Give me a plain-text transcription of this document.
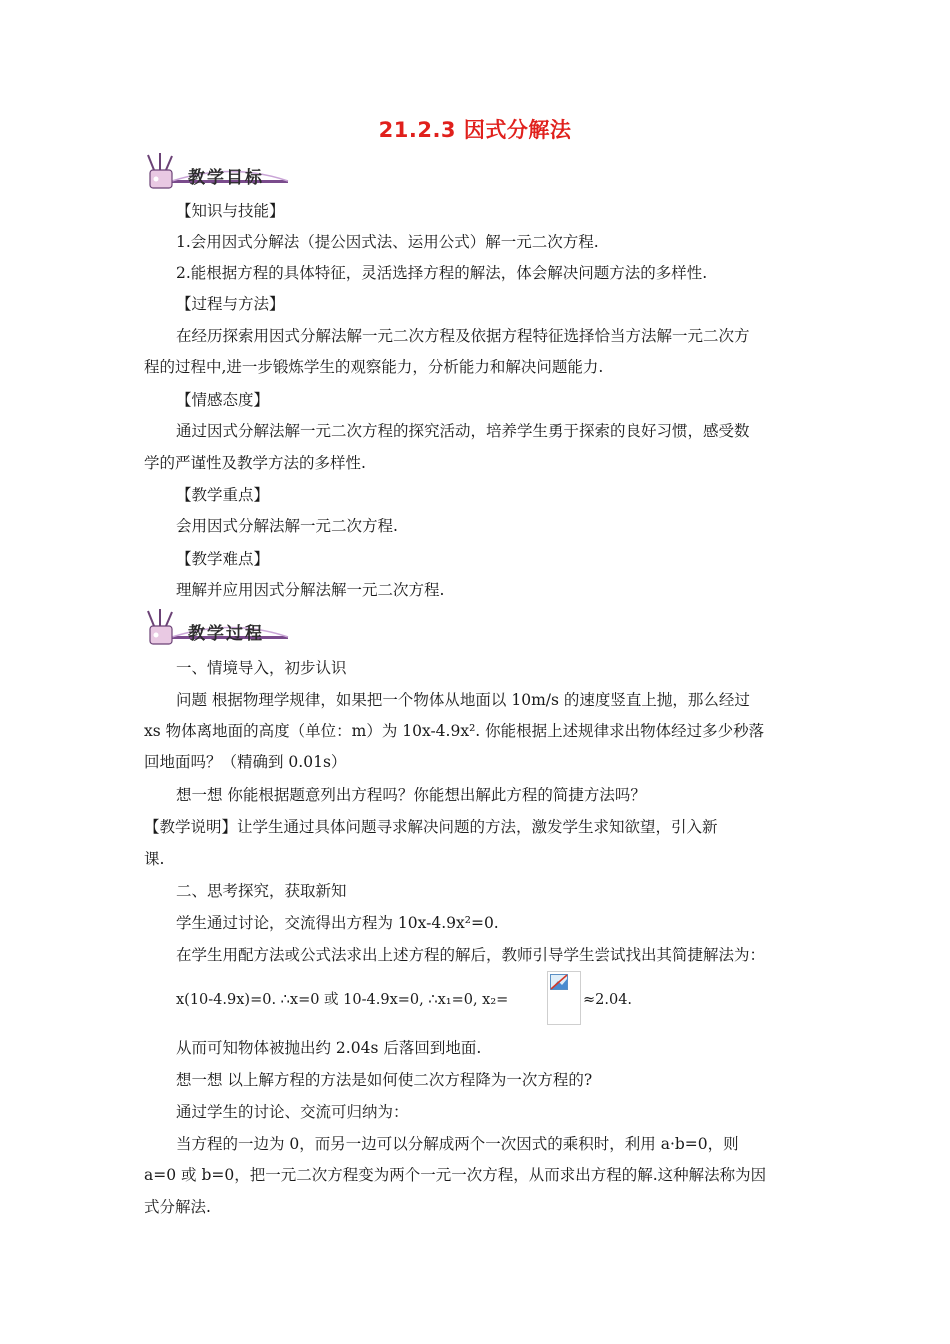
21.2.3 因式分解法
教学目标
【知识与技能】
1.会用因式分解法（提公因式法、运用公式）解一元二次方程.
2.能根据方程的具体特征，灵活选择方程的解法，体会解决问题方法的多样性.
【过程与方法】
在经历探索用因式分解法解一元二次方程及依据方程特征选择恰当方法解一元二次方
程的过程中,进一步锻炼学生的观察能力，分析能力和解决问题能力.
【情感态度】
通过因式分解法解一元二次方程的探究活动，培养学生勇于探索的良好习惯，感受数
学的严谨性及教学方法的多样性.
【教学重点】
会用因式分解法解一元二次方程.
【教学难点】
理解并应用因式分解法解一元二次方程.
教学过程
一、情境导入，初步认识
问题 根据物理学规律，如果把一个物体从地面以 10m/s 的速度竖直上抛，那么经过
xs 物体离地面的高度（单位：m）为 10x-4.9x². 你能根据上述规律求出物体经过多少秒落
回地面吗？（精确到 0.01s）
想一想 你能根据题意列出方程吗？你能想出解此方程的简捷方法吗？
【教学说明】让学生通过具体问题寻求解决问题的方法，激发学生求知欲望，引入新
课.
二、思考探究，获取新知
学生通过讨论，交流得出方程为 10x-4.9x²=0.
在学生用配方法或公式法求出上述方程的解后，教师引导学生尝试找出其简捷解法为：
x(10-4.9x)=0. ∴x=0 或 10-4.9x=0, ∴x₁=0, x₂=	≈2.04.
从而可知物体被抛出约 2.04s 后落回到地面.
想一想 以上解方程的方法是如何使二次方程降为一次方程的?
通过学生的讨论、交流可归纳为：
当方程的一边为 0，而另一边可以分解成两个一次因式的乘积时，利用 a·b=0，则
a=0 或 b=0，把一元二次方程变为两个一元一次方程，从而求出方程的解.这种解法称为因
式分解法.
